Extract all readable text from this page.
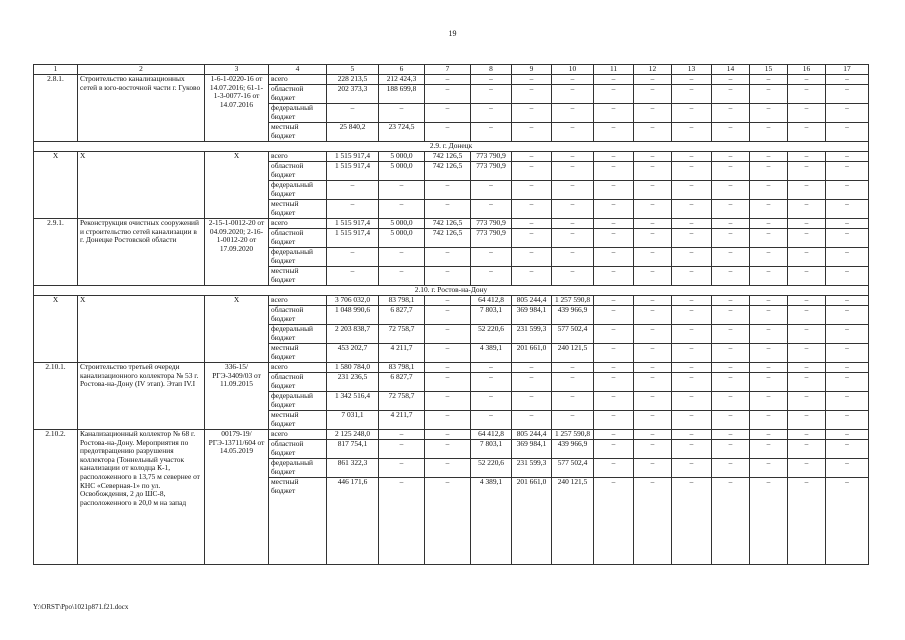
19
1	2	3	4	5	6	7	8	9	10	11	12	13	14	15	16	17
2.8.1.	Строительство канализационных сетей в юго-восточной части г. Гуково	1-6-1-0220-16 от 14.07.2016; 61-1-1-3-0077-16 от 14.07.2016	всего	228 213,5	212 424,3	–	–	–	–	–	–	–	–	–	–	–
			областной бюджет	202 373,3	188 699,8	–	–	–	–	–	–	–	–	–	–	–
			федеральный бюджет	–	–	–	–	–	–	–	–	–	–	–	–	–
			местный бюджет	25 840,2	23 724,5	–	–	–	–	–	–	–	–	–	–	–
2.9. г. Донецк																
Х	Х	Х	всего	1 515 917,4	5 000,0	742 126,5	773 790,9	–	–	–	–	–	–	–	–	–
			областной бюджет	1 515 917,4	5 000,0	742 126,5	773 790,9	–	–	–	–	–	–	–	–	–
			федеральный бюджет	–	–	–	–	–	–	–	–	–	–	–	–	–
			местный бюджет	–	–	–	–	–	–	–	–	–	–	–	–	–
2.9.1.	Реконструкция очистных сооружений и строительство сетей канализации в г. Донецке Ростовской области	2-15-1-0012-20 от 04.09.2020; 2-16-1-0012-20 от 17.09.2020	всего	1 515 917,4	5 000,0	742 126,5	773 790,9	–	–	–	–	–	–	–	–	–
			областной бюджет	1 515 917,4	5 000,0	742 126,5	773 790,9	–	–	–	–	–	–	–	–	–
			федеральный бюджет	–	–	–	–	–	–	–	–	–	–	–	–	–
			местный бюджет	–	–	–	–	–	–	–	–	–	–	–	–	–
2.10. г. Ростов-на-Дону																
Х	Х	Х	всего	3 706 032,0	83 798,1	–	64 412,8	805 244,4	1 257 590,8	–	–	–	–	–	–	–
			областной бюджет	1 048 990,6	6 827,7	–	7 803,1	369 984,1	439 966,9	–	–	–	–	–	–	–
			федеральный бюджет	2 203 838,7	72 758,7	–	52 220,6	231 599,3	577 502,4	–	–	–	–	–	–	–
			местный бюджет	453 202,7	4 211,7	–	4 389,1	201 661,0	240 121,5	–	–	–	–	–	–	–
2.10.1.	Строительство третьей очереди канализационного коллектора № 53 г. Ростова-на-Дону (IV этап). Этап IV.I	336-15/РГЭ-3409/03 от 11.09.2015	всего	1 580 784,0	83 798,1	–	–	–	–	–	–	–	–	–	–	–
			областной бюджет	231 236,5	6 827,7	–	–	–	–	–	–	–	–	–	–	–
			федеральный бюджет	1 342 516,4	72 758,7	–	–	–	–	–	–	–	–	–	–	–
			местный бюджет	7 031,1	4 211,7	–	–	–	–	–	–	–	–	–	–	–
2.10.2.	Канализационный коллектор № 68 г. Ростова-на-Дону. Мероприятия по предотвращению разрушения коллектора (Тоннельный участок канализации от колодца К-1, расположенного в 13,75 м севернее от КНС «Северная-1» по ул. Освобождения, 2 до ШС-8, расположенного в 20,0 м на запад	00179-19/РГЭ-13711/604 от 14.05.2019	всего	2 125 248,0	–	–	64 412,8	805 244,4	1 257 590,8	–	–	–	–	–	–	–
			областной бюджет	817 754,1	–	–	7 803,1	369 984,1	439 966,9	–	–	–	–	–	–	–
			федеральный бюджет	861 322,3	–	–	52 220,6	231 599,3	577 502,4	–	–	–	–	–	–	–
			местный бюджет	446 171,6	–	–	4 389,1	201 661,0	240 121,5	–	–	–	–	–	–	–
Y:\ORST\Ppo\1021p871.f21.docx
